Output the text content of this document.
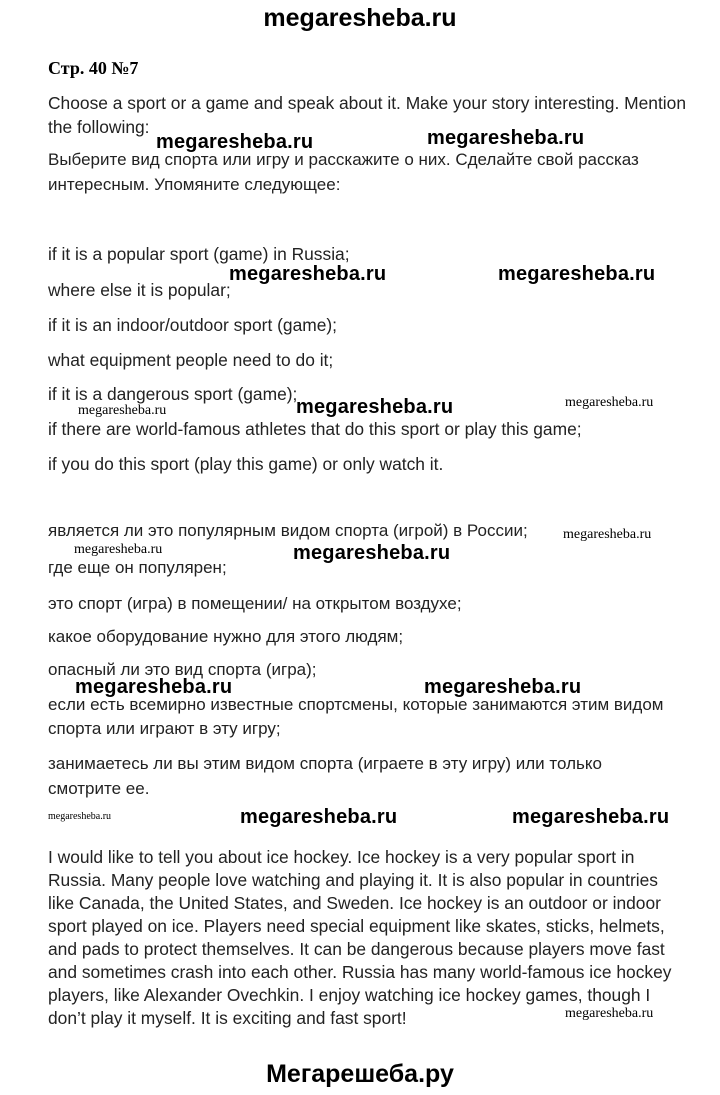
megaresheba.ru
Стр. 40 №7
Choose a sport or a game and speak about it. Make your story interesting. Mention
the following:
Выберите вид спорта или игру и расскажите о них. Сделайте свой рассказ
интересным. Упомяните следующее:
if it is a popular sport (game) in Russia;
where else it is popular;
if it is an indoor/outdoor sport (game);
what equipment people need to do it;
if it is a dangerous sport (game);
if there are world-famous athletes that do this sport or play this game;
if you do this sport (play this game) or only watch it.
является ли это популярным видом спорта (игрой) в России;
где еще он популярен;
это спорт (игра) в помещении/ на открытом воздухе;
какое оборудование нужно для этого людям;
опасный ли это вид спорта (игра);
если есть всемирно известные спортсмены, которые занимаются этим видом
спорта или играют в эту игру;
занимаетесь ли вы этим видом спорта (играете в эту игру) или только
смотрите ее.
I would like to tell you about ice hockey. Ice hockey is a very popular sport in Russia. Many people love watching and playing it. It is also popular in countries like Canada, the United States, and Sweden. Ice hockey is an outdoor or indoor sport played on ice. Players need special equipment like skates, sticks, helmets, and pads to protect themselves. It can be dangerous because players move fast and sometimes crash into each other. Russia has many world-famous ice hockey players, like Alexander Ovechkin. I enjoy watching ice hockey games, though I don’t play it myself. It is exciting and fast sport!
megaresheba.ru	megaresheba.ru
megaresheba.ru	megaresheba.ru
megaresheba.ru	megaresheba.ru	megaresheba.ru
megaresheba.ru
megaresheba.ru	megaresheba.ru
megaresheba.ru	megaresheba.ru
megaresheba.ru	megaresheba.ru	megaresheba.ru
megaresheba.ru
Мегарешеба.ру
